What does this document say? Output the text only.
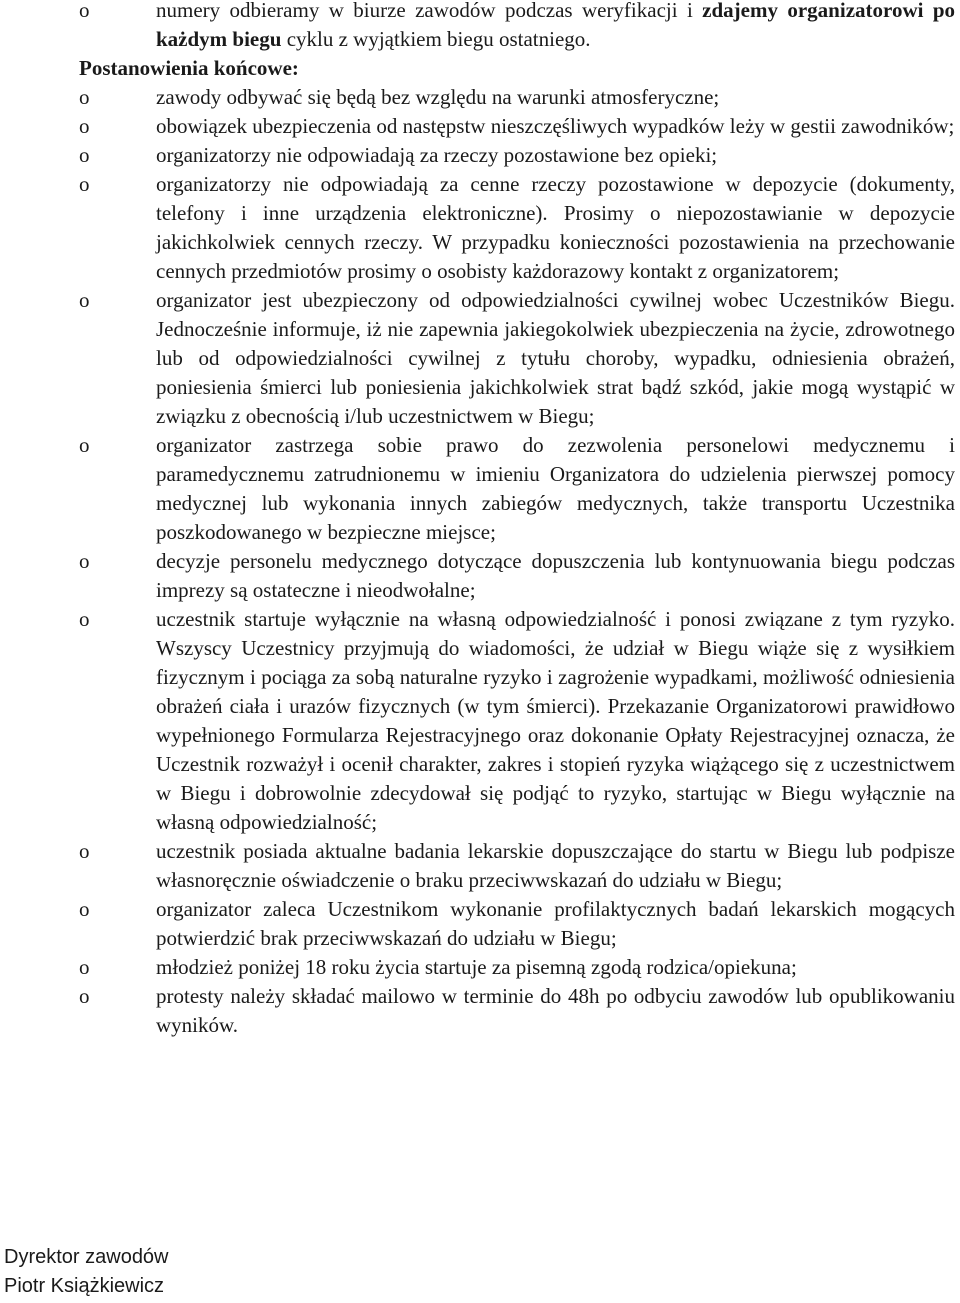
o	numery odbieramy w biurze zawodów podczas weryfikacji i zdajemy organizatorowi po każdym biegu cyklu z wyjątkiem biegu ostatniego.

Postanowienia końcowe:

o	zawody odbywać się będą bez względu na warunki atmosferyczne;

o	obowiązek ubezpieczenia od następstw nieszczęśliwych wypadków leży w gestii zawodników;

o	organizatorzy nie odpowiadają za rzeczy pozostawione bez opieki;

o	organizatorzy nie odpowiadają za cenne rzeczy pozostawione w depozycie (dokumenty, telefony i inne urządzenia elektroniczne). Prosimy o niepozostawianie w depozycie jakichkolwiek cennych rzeczy. W przypadku konieczności pozostawienia na przechowanie cennych przedmiotów prosimy o osobisty każdorazowy kontakt z organizatorem;

o	organizator jest ubezpieczony od odpowiedzialności cywilnej wobec Uczestników Biegu. Jednocześnie informuje, iż nie zapewnia jakiegokolwiek ubezpieczenia na życie, zdrowotnego lub od odpowiedzialności cywilnej z tytułu choroby, wypadku, odniesienia obrażeń, poniesienia śmierci lub poniesienia jakichkolwiek strat bądź szkód, jakie mogą wystąpić w związku z obecnością i/lub uczestnictwem w Biegu;

o	organizator zastrzega sobie prawo do zezwolenia personelowi medycznemu i paramedycznemu zatrudnionemu w imieniu Organizatora do udzielenia pierwszej pomocy medycznej lub wykonania innych zabiegów medycznych, także transportu Uczestnika poszkodowanego w bezpieczne miejsce;

o	decyzje personelu medycznego dotyczące dopuszczenia lub kontynuowania biegu podczas imprezy są ostateczne i nieodwołalne;

o	uczestnik startuje wyłącznie na własną odpowiedzialność i ponosi związane z tym ryzyko. Wszyscy Uczestnicy przyjmują do wiadomości, że udział w Biegu wiąże się z wysiłkiem fizycznym i pociąga za sobą naturalne ryzyko i zagrożenie wypadkami, możliwość odniesienia obrażeń ciała i urazów fizycznych (w tym śmierci). Przekazanie Organizatorowi prawidłowo wypełnionego Formularza Rejestracyjnego oraz dokonanie Opłaty Rejestracyjnej oznacza, że Uczestnik rozważył i ocenił charakter, zakres i stopień ryzyka wiążącego się z uczestnictwem w Biegu i dobrowolnie zdecydował się podjąć to ryzyko, startując w Biegu wyłącznie na własną odpowiedzialność;

o	uczestnik posiada aktualne badania lekarskie dopuszczające do startu w Biegu lub podpisze własnoręcznie oświadczenie o braku przeciwwskazań do udziału w Biegu;

o	organizator zaleca Uczestnikom wykonanie profilaktycznych badań lekarskich mogących potwierdzić brak przeciwwskazań do udziału w Biegu;

o	młodzież poniżej 18 roku życia startuje za pisemną zgodą rodzica/opiekuna;

o	protesty należy składać mailowo w terminie do 48h po odbyciu zawodów lub opublikowaniu wyników.

Dyrektor zawodów
Piotr Książkiewicz
